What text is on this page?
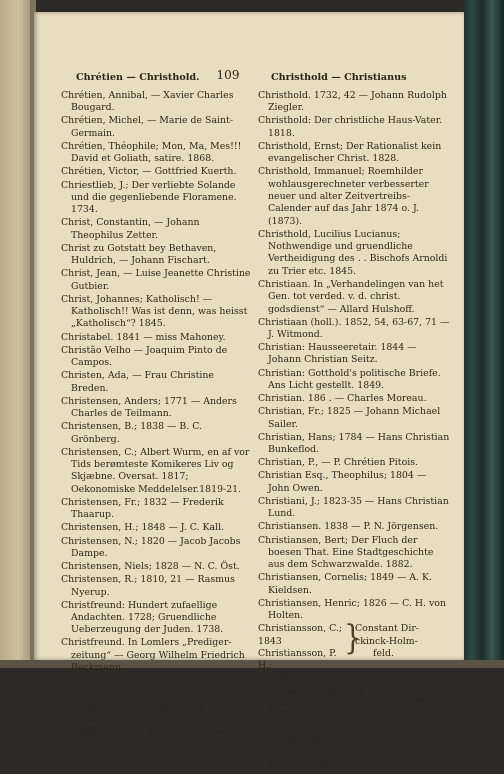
Chrétien — Christhold.	109	Christhold — Christianus
Chrétien, Annibal, — Xavier Charles Bougard.
Chrétien, Michel, — Marie de Saint-Germain.
Chrétien, Théophile; Mon, Ma, Mes!!! David et Goliath, satire. 1868.
Chrétien, Victor, — Gottfried Kuerth.
Chriestlieb, J.; Der verliebte Solande und die gegenliebende Floramene. 1734.
Christ, Constantin, — Johann Theophilus Zetter.
Christ zu Gotstatt bey Bethaven, Huldrich, — Johann Fischart.
Christ, Jean, — Luise Jeanette Christine Gutbier.
Christ, Johannes; Katholisch! — Katholisch!! Was ist denn, was heisst „Katholisch“? 1845.
Christabel. 1841 — miss Mahoney.
Christão Velho — Joaquim Pinto de Campos.
Christen, Ada, — Frau Christine Breden.
Christensen, Anders; 1771 — Anders Charles de Teilmann.
Christensen, B.; 1838 — B. C. Grönberg.
Christensen, C.; Albert Wurm, en af vor Tids berømteste Komikeres Liv og Skjæbne. Oversat. 1817; Oekonomiske Meddelelser.1819-21.
Christensen, Fr.; 1832 — Frederik Thaarup.
Christensen, H.; 1848 — J. C. Kall.
Christensen, N.; 1820 — Jacob Jacobs Dampe.
Christensen, Niels; 1828 — N. C. Öst.
Christensen, R.; 1810, 21 — Rasmus Nyerup.
Christfreund: Hundert zufaellige Andachten. 1728; Gruendliche Ueberzeugung der Juden. 1738.
Christfreund. In Lomlers „Prediger-zeitung“ — Georg Wilhelm Friedrich Beckmann.
Christfried. 1700 — Christian Jacob Feustel.
Christfried: Anwendung. 1738 — Chr. E. Krehl.
Christhold. 1704, 12, 25, 27, 29 — — Johann Gottlieb Erlmann.
Christhold. 1732, 42 — Johann Rudolph Ziegler.
Christhold: Der christliche Haus-Vater. 1818.
Christhold, Ernst; Der Rationalist kein evangelischer Christ. 1828.
Christhold, Immanuel; Roemhilder wohlausgerechneter verbesserter neuer und alter Zeitvertreibs-Calender auf das Jahr 1874 o. J. (1873).
Christhold, Lucilius Lucianus; Nothwendige und gruendliche Vertheidigung des . . Bischofs Arnoldi zu Trier etc. 1845.
Christiaan. In „Verhandelingen van het Gen. tot verded. v. d. christ. godsdienst“ — Allard Hulshoff.
Christiaan (holl.). 1852, 54, 63-67, 71 — J. Witmond.
Christian: Hausseeretair. 1844 — Johann Christian Seitz.
Christian: Gotthold's politische Briefe. Ans Licht gestellt. 1849.
Christian. 186 . — Charles Moreau.
Christian, Fr.; 1825 — Johann Michael Sailer.
Christian, Hans; 1784 — Hans Christian Bunkeflod.
Christian, P., — P. Chrétien Pitois.
Christian Esq., Theophilus; 1804 — John Owen.
Christiani, J.; 1823-35 — Hans Christian Lund.
Christiansen. 1838 — P. N. Jörgensen.
Christiansen, Bert; Der Fluch der boesen That. Eine Stadtgeschichte aus dem Schwarzwalde. 1882.
Christiansen, Cornelis; 1849 — A. K. Kieldsen.
Christiansen, Henric; 1826 — C. H. von Holten.
Christiansson, C.; 1843
Christiansson, P. H.;
1829.
}
Constant Dir-
ckinck-Holm-
feld.
Christianus: A treatise on the existence of a divine being from all eternity. 1770.
Christianus (holland.). 1793, 96 — Willem Goede.
Christianus: Brief van Sophia. 1807 — Jan Hinlopen (?).
